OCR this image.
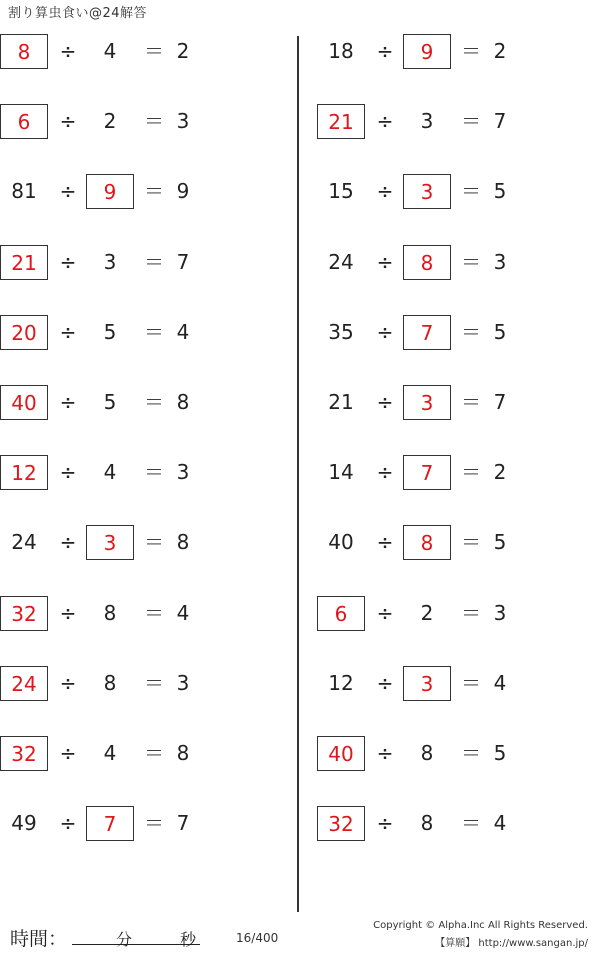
割り算虫食い@24解答
8	÷	4	＝ 2
6	÷	2	＝ 3
81	÷	9	＝ 9
21	÷	3	＝ 7
20	÷	5	＝ 4
40	÷	5	＝ 8
12	÷	4	＝ 3
24	÷	3	＝ 8
32	÷	8	＝ 4
24	÷	8	＝ 3
32	÷	4	＝ 8
49	÷	7	＝ 7
18	÷	9	＝ 2
21	÷	3	＝ 7
15	÷	3	＝ 5
24	÷	8	＝ 3
35	÷	7	＝ 5
21	÷	3	＝ 7
14	÷	7	＝ 2
40	÷	8	＝ 5
6	÷	2	＝ 3
12	÷	3	＝ 4
40	÷	8	＝ 5
32	÷	8	＝ 4
時間：	分	秒	16/400
Copyright © Alpha.Inc All Rights Reserved.
【算願】 http://www.sangan.jp/
